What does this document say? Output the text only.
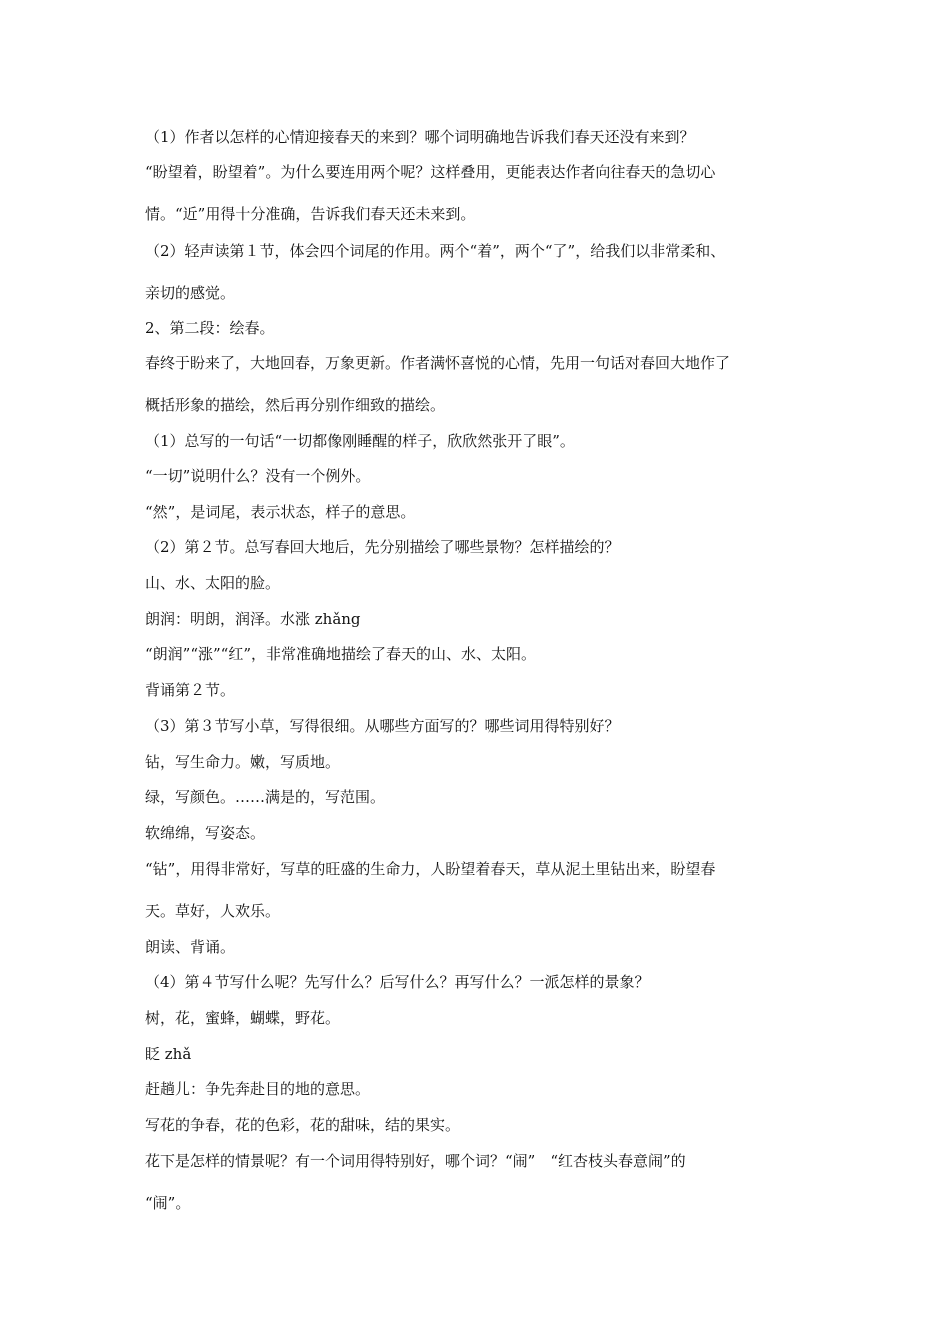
（1）作者以怎样的心情迎接春天的来到？哪个词明确地告诉我们春天还没有来到？
“盼望着，盼望着”。为什么要连用两个呢？这样叠用，更能表达作者向往春天的急切心
情。“近”用得十分准确，告诉我们春天还未来到。
（2）轻声读第１节，体会四个词尾的作用。两个“着”，两个“了”，给我们以非常柔和、
亲切的感觉。
2、第二段：绘春。
春终于盼来了，大地回春，万象更新。作者满怀喜悦的心情，先用一句话对春回大地作了
概括形象的描绘，然后再分别作细致的描绘。
（1）总写的一句话“一切都像刚睡醒的样子，欣欣然张开了眼”。
“一切”说明什么？没有一个例外。
“然”，是词尾，表示状态，样子的意思。
（2）第２节。总写春回大地后，先分别描绘了哪些景物？怎样描绘的？
山、水、太阳的脸。
朗润：明朗，润泽。水涨 zhǎng
“朗润”“涨”“红”，非常准确地描绘了春天的山、水、太阳。
背诵第２节。
（3）第３节写小草，写得很细。从哪些方面写的？哪些词用得特别好？
钻，写生命力。嫩，写质地。
绿，写颜色。……满是的，写范围。
软绵绵，写姿态。
“钻”，用得非常好，写草的旺盛的生命力，人盼望着春天，草从泥土里钻出来，盼望春
天。草好，人欢乐。
朗读、背诵。
（4）第４节写什么呢？先写什么？后写什么？再写什么？一派怎样的景象？
树，花，蜜蜂，蝴蝶，野花。
眨 zhǎ
赶趟儿：争先奔赴目的地的意思。
写花的争春，花的色彩，花的甜味，结的果实。
花下是怎样的情景呢？有一个词用得特别好，哪个词？“闹”　“红杏枝头春意闹”的
“闹”。
